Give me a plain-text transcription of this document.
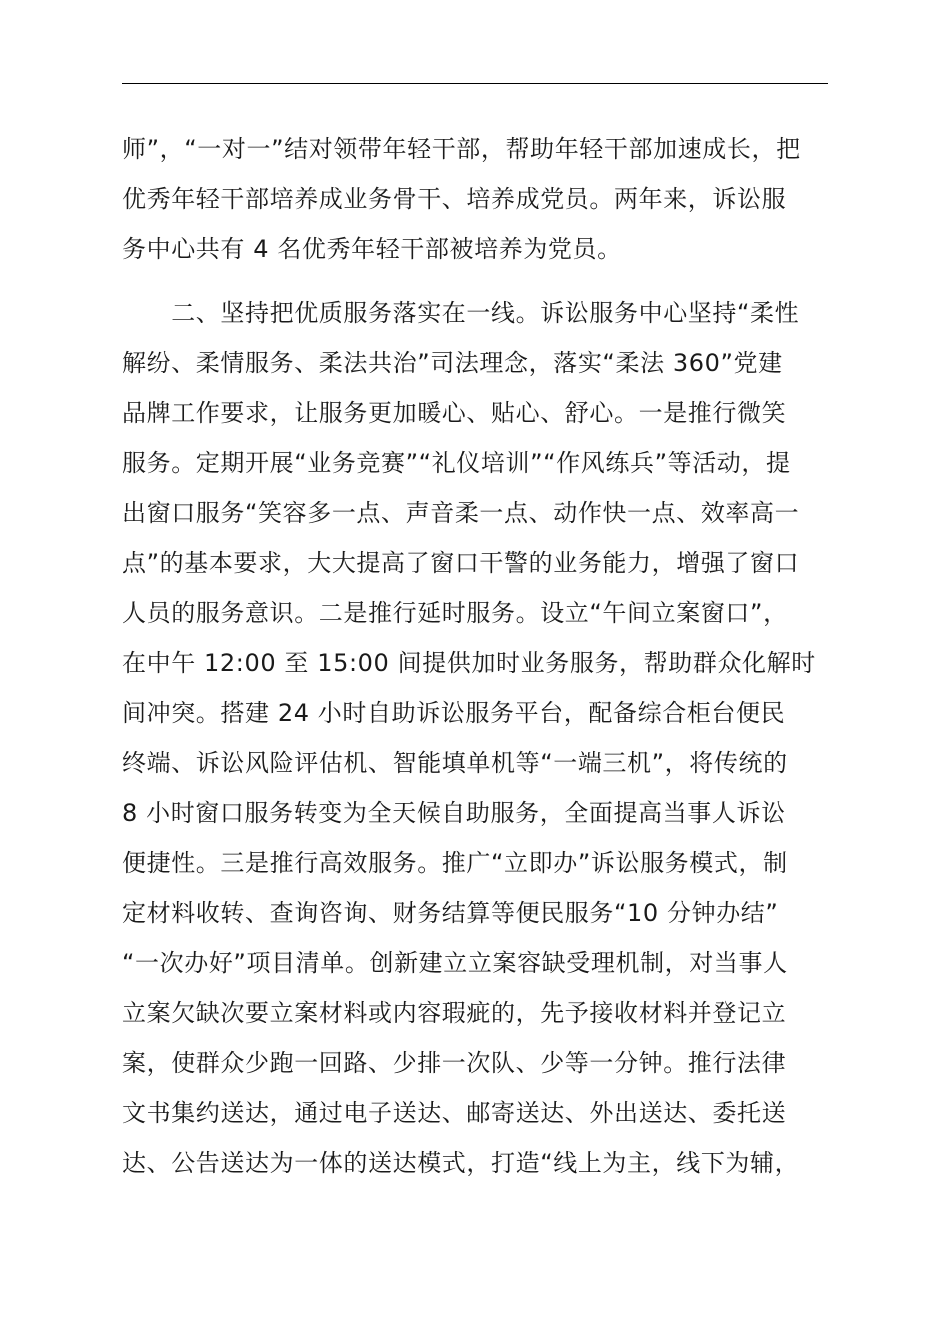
师”，“一对一”结对领带年轻干部，帮助年轻干部加速成长，把
优秀年轻干部培养成业务骨干、培养成党员。两年来，诉讼服
务中心共有 4 名优秀年轻干部被培养为党员。
　　二、坚持把优质服务落实在一线。诉讼服务中心坚持“柔性
解纷、柔情服务、柔法共治”司法理念，落实“柔法 360”党建
品牌工作要求，让服务更加暖心、贴心、舒心。一是推行微笑
服务。定期开展“业务竞赛”“礼仪培训”“作风练兵”等活动，提
出窗口服务“笑容多一点、声音柔一点、动作快一点、效率高一
点”的基本要求，大大提高了窗口干警的业务能力，增强了窗口
人员的服务意识。二是推行延时服务。设立“午间立案窗口”，
在中午 12:00 至 15:00 间提供加时业务服务，帮助群众化解时
间冲突。搭建 24 小时自助诉讼服务平台，配备综合柜台便民
终端、诉讼风险评估机、智能填单机等“一端三机”，将传统的
8 小时窗口服务转变为全天候自助服务，全面提高当事人诉讼
便捷性。三是推行高效服务。推广“立即办”诉讼服务模式，制
定材料收转、查询咨询、财务结算等便民服务“10 分钟办结”
“一次办好”项目清单。创新建立立案容缺受理机制，对当事人
立案欠缺次要立案材料或内容瑕疵的，先予接收材料并登记立
案，使群众少跑一回路、少排一次队、少等一分钟。推行法律
文书集约送达，通过电子送达、邮寄送达、外出送达、委托送
达、公告送达为一体的送达模式，打造“线上为主，线下为辅，
